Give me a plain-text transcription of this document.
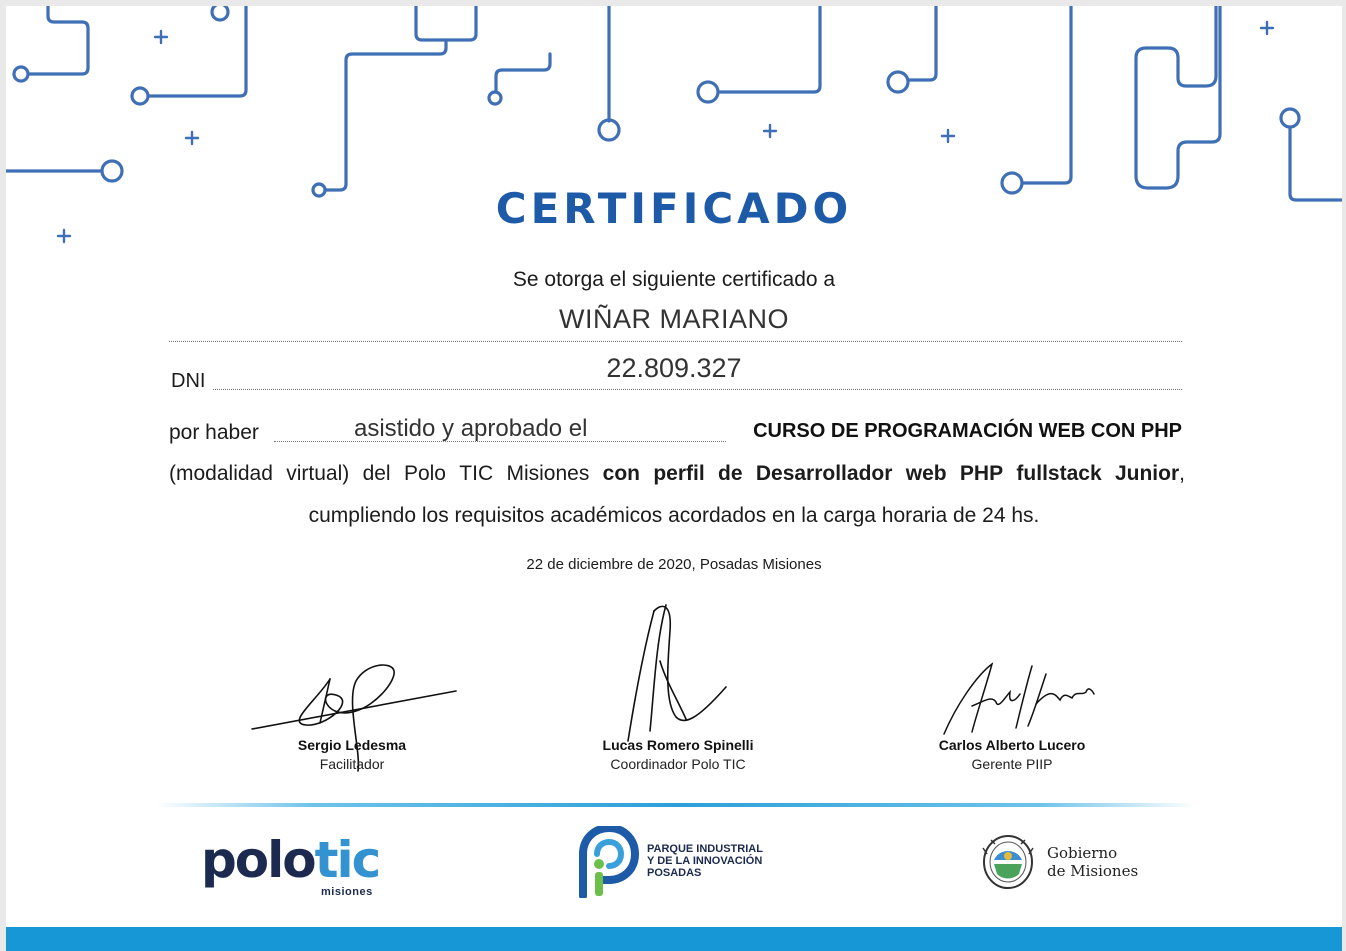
CERTIFICADO
Se otorga el siguiente certificado a
WIÑAR MARIANO
DNI	22.809.327
por haber	asistido y aprobado el	CURSO DE PROGRAMACIÓN WEB CON PHP
(modalidad virtual) del Polo TIC Misiones con perfil de Desarrollador web PHP fullstack Junior,
cumpliendo los requisitos académicos acordados en la carga horaria de 24 hs.
22 de diciembre de 2020, Posadas Misiones
Sergio Ledesma
Facilitador
Lucas Romero Spinelli
Coordinador Polo TIC
Carlos Alberto Lucero
Gerente PIIP
polotic
misiones
PARQUE INDUSTRIAL
Y DE LA INNOVACIÓN
POSADAS
Gobierno
de Misiones
